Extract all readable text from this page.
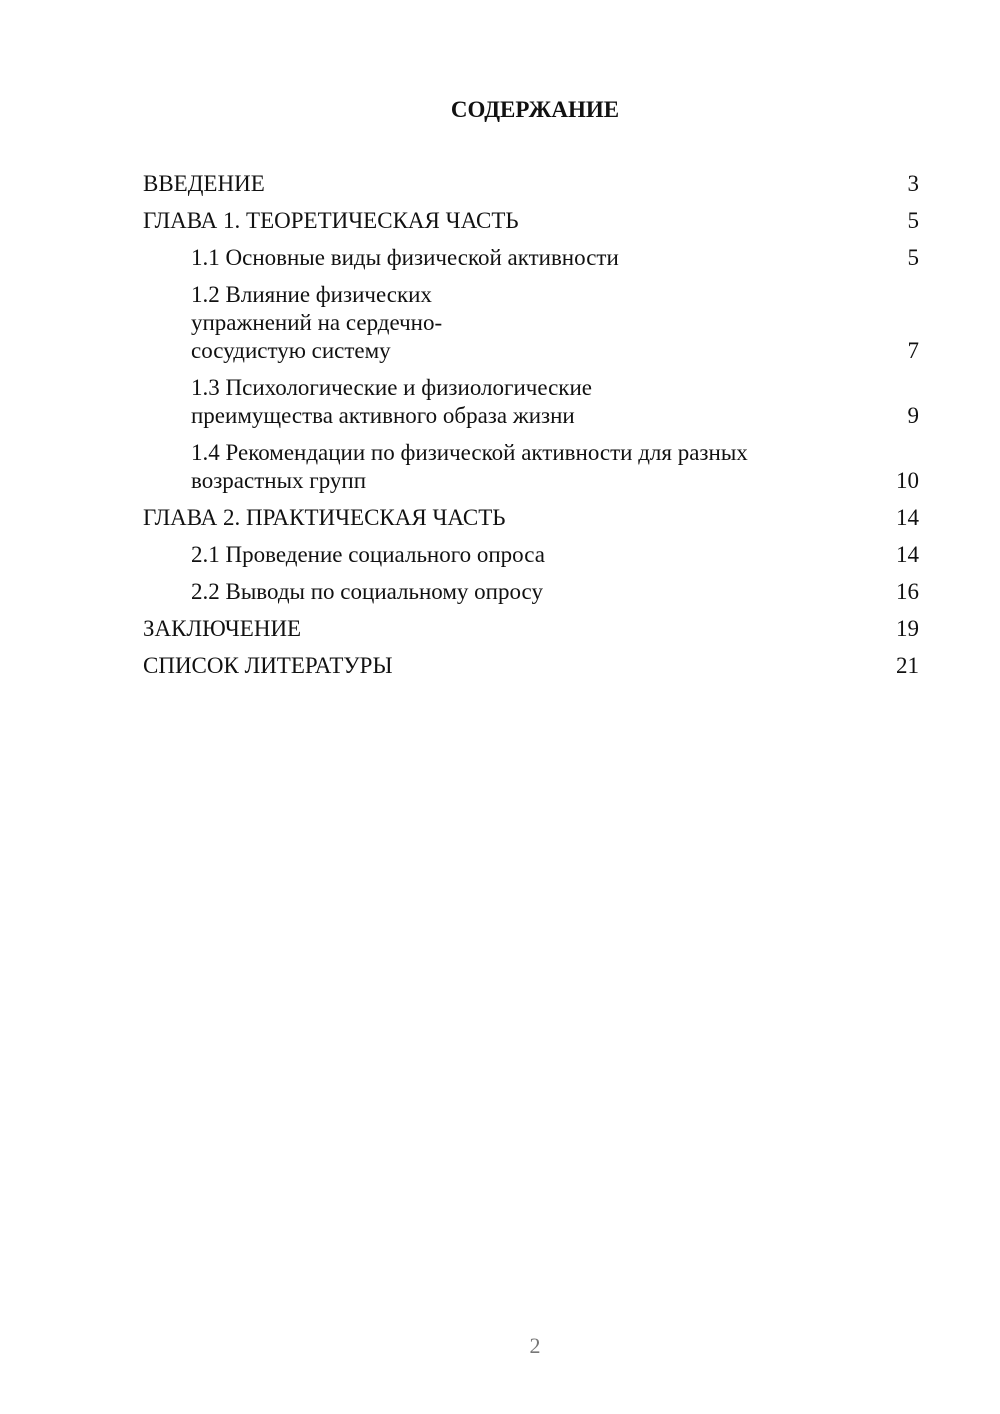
СОДЕРЖАНИЕ
ВВЕДЕНИЕ	3
ГЛАВА 1. ТЕОРЕТИЧЕСКАЯ ЧАСТЬ	5
1.1 Основные виды физической активности	5
1.2 Влияние физических упражнений на сердечно-сосудистую систему	7
1.3 Психологические и физиологические преимущества активного образа жизни	9
1.4 Рекомендации по физической активности для разных возрастных групп	10
ГЛАВА 2. ПРАКТИЧЕСКАЯ ЧАСТЬ	14
2.1 Проведение социального опроса	14
2.2 Выводы по социальному опросу	16
ЗАКЛЮЧЕНИЕ	19
СПИСОК ЛИТЕРАТУРЫ	21
2
